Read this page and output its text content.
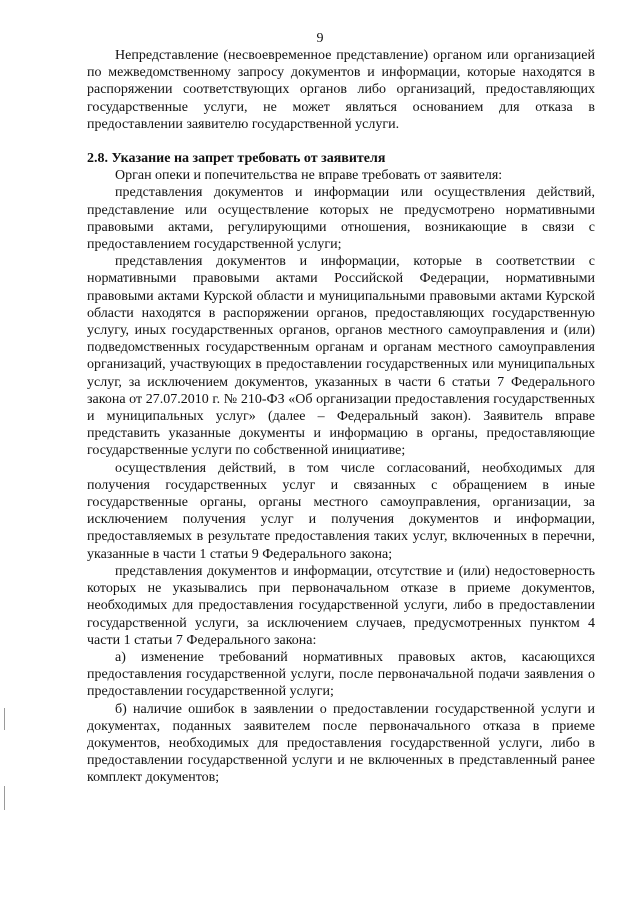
9

Непредставление (несвоевременное представление) органом или организацией по межведомственному запросу документов и информации, которые находятся в распоряжении соответствующих органов либо организаций, предоставляющих государственные услуги, не может являться основанием для отказа в предоставлении заявителю государственной услуги.

2.8. Указание на запрет требовать от заявителя

Орган опеки и попечительства не вправе требовать от заявителя:

представления документов и информации или осуществления действий, представление или осуществление которых не предусмотрено нормативными правовыми актами, регулирующими отношения, возникающие в связи с предоставлением государственной услуги;

представления документов и информации, которые в соответствии с нормативными правовыми актами Российской Федерации, нормативными правовыми актами Курской области и муниципальными правовыми актами Курской области находятся в распоряжении органов, предоставляющих государственную услугу, иных государственных органов, органов местного самоуправления и (или) подведомственных государственным органам и органам местного самоуправления организаций, участвующих в предоставлении государственных или муниципальных услуг, за исключением документов, указанных в части 6 статьи 7 Федерального закона от 27.07.2010 г. № 210-ФЗ «Об организации предоставления государственных и муниципальных услуг» (далее – Федеральный закон). Заявитель вправе представить указанные документы и информацию в органы, предоставляющие государственные услуги по собственной инициативе;

осуществления действий, в том числе согласований, необходимых для получения государственных услуг и связанных с обращением в иные государственные органы, органы местного самоуправления, организации, за исключением получения услуг и получения документов и информации, предоставляемых в результате предоставления таких услуг, включенных в перечни, указанные в части 1 статьи 9 Федерального закона;

представления документов и информации, отсутствие и (или) недостоверность которых не указывались при первоначальном отказе в приеме документов, необходимых для предоставления государственной услуги, либо в предоставлении государственной услуги, за исключением случаев, предусмотренных пунктом 4 части 1 статьи 7 Федерального закона:

а) изменение требований нормативных правовых актов, касающихся предоставления государственной услуги, после первоначальной подачи заявления о предоставлении государственной услуги;

б) наличие ошибок в заявлении о предоставлении государственной услуги и документах, поданных заявителем после первоначального отказа в приеме документов, необходимых для предоставления государственной услуги, либо в предоставлении государственной услуги и не включенных в представленный ранее комплект документов;
